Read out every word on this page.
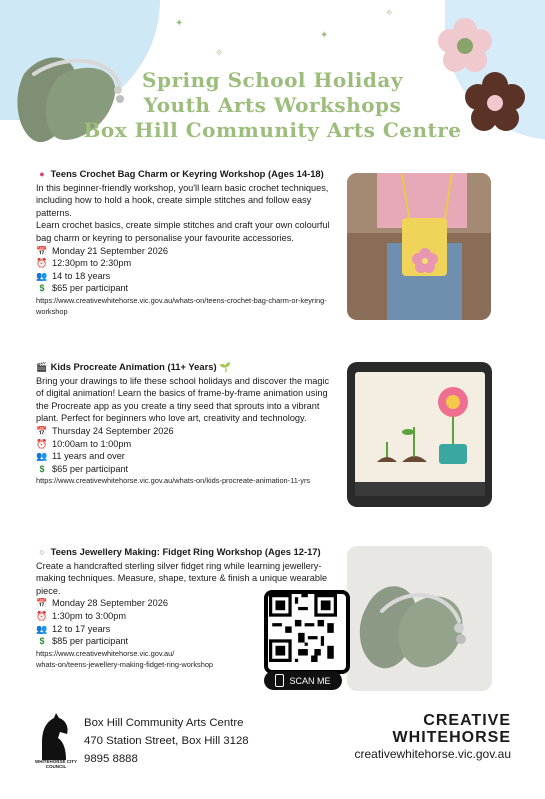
✦
✦
✧
✧
Spring School Holiday
Youth Arts Workshops
Box Hill Community Arts Centre
● Teens Crochet Bag Charm or Keyring Workshop (Ages 14-18)

In this beginner-friendly workshop, you'll learn basic crochet techniques, including how to hold a hook, create simple stitches and follow easy patterns.

Learn crochet basics, create simple stitches and craft your own colourful bag charm or keyring to personalise your favourite accessories.

📅 Monday 21 September 2026
⏰ 12:30pm to 2:30pm
👥 14 to 18 years
$ $65 per participant
https://www.creativewhitehorse.vic.gov.au/whats-on/teens-crochet-bag-charm-or-keyring-workshop
🎬 Kids Procreate Animation (11+ Years) 🌱

Bring your drawings to life these school holidays and discover the magic of digital animation! Learn the basics of frame-by-frame animation using the Procreate app as you create a tiny seed that sprouts into a vibrant plant. Perfect for beginners who love art, creativity and technology.

📅 Thursday 24 September 2026
⏰ 10:00am to 1:00pm
👥 11 years and over
$ $65 per participant
https://www.creativewhitehorse.vic.gov.au/whats-on/kids-procreate-animation-11-yrs
○ Teens Jewellery Making: Fidget Ring Workshop (Ages 12-17)

Create a handcrafted sterling silver fidget ring while learning jewellery-making techniques. Measure, shape, texture & finish a unique wearable piece.

📅 Monday 28 September 2026
⏰ 1:30pm to 3:00pm
👥 12 to 17 years
$ $85 per participant
https://www.creativewhitehorse.vic.gov.au/
whats-on/teens-jewellery-making-fidget-ring-workshop
SCAN ME
WHITEHORSE CITY COUNCIL
Box Hill Community Arts Centre
470 Station Street, Box Hill 3128
9895 8888
CREATIVE
WHITEHORSE
creativewhitehorse.vic.gov.au
